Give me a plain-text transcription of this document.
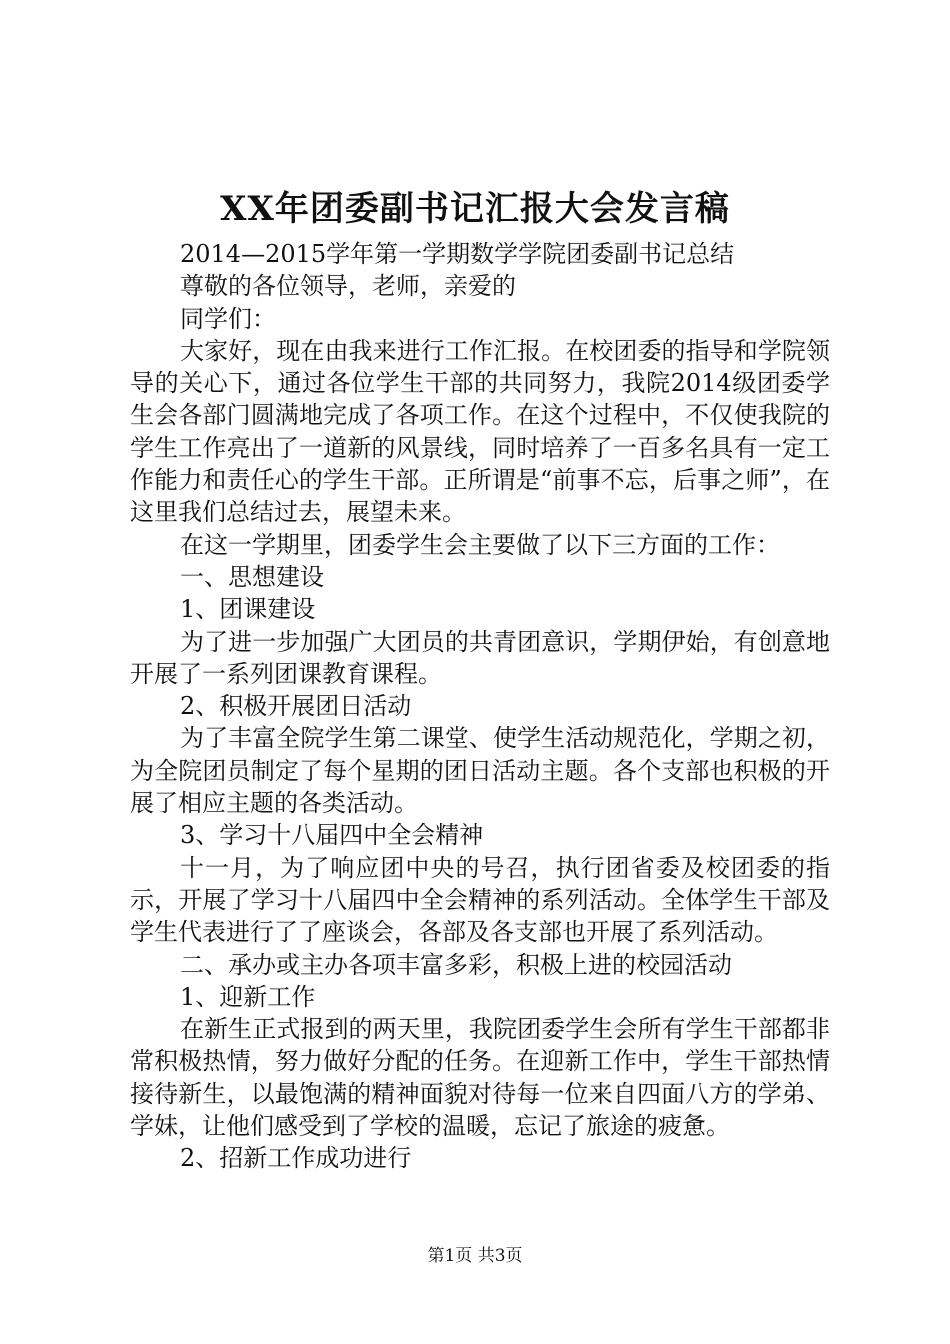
XX年团委副书记汇报大会发言稿
2014—2015学年第一学期数学学院团委副书记总结
尊敬的各位领导，老师，亲爱的
同学们：
大家好，现在由我来进行工作汇报。在校团委的指导和学院领导的关心下，通过各位学生干部的共同努力，我院2014级团委学生会各部门圆满地完成了各项工作。在这个过程中，不仅使我院的学生工作亮出了一道新的风景线，同时培养了一百多名具有一定工作能力和责任心的学生干部。正所谓是“前事不忘，后事之师”，在这里我们总结过去，展望未来。
在这一学期里，团委学生会主要做了以下三方面的工作：
一、思想建设
1、团课建设
为了进一步加强广大团员的共青团意识，学期伊始，有创意地开展了一系列团课教育课程。
2、积极开展团日活动
为了丰富全院学生第二课堂、使学生活动规范化，学期之初，为全院团员制定了每个星期的团日活动主题。各个支部也积极的开展了相应主题的各类活动。
3、学习十八届四中全会精神
十一月，为了响应团中央的号召，执行团省委及校团委的指示，开展了学习十八届四中全会精神的系列活动。全体学生干部及学生代表进行了了座谈会，各部及各支部也开展了系列活动。
二、承办或主办各项丰富多彩，积极上进的校园活动
1、迎新工作
在新生正式报到的两天里，我院团委学生会所有学生干部都非常积极热情，努力做好分配的任务。在迎新工作中，学生干部热情接待新生，以最饱满的精神面貌对待每一位来自四面八方的学弟、学妹，让他们感受到了学校的温暖，忘记了旅途的疲惫。
2、招新工作成功进行
第1页 共3页
